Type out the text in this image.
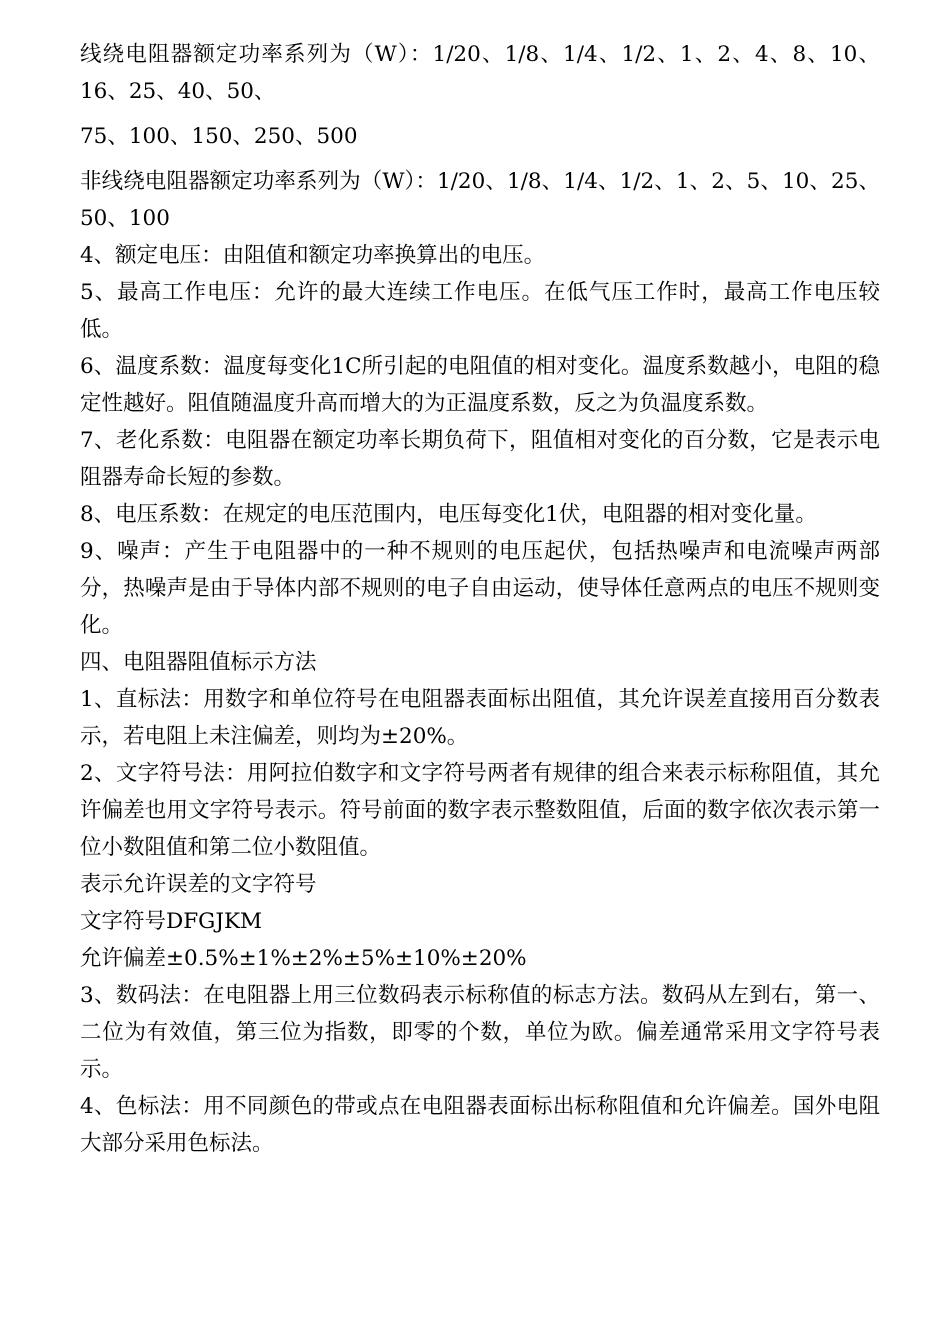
线绕电阻器额定功率系列为（W）：1/20、1/8、1/4、1/2、1、2、4、8、10、16、25、40、50、

75、100、150、250、500

非线绕电阻器额定功率系列为（W）：1/20、1/8、1/4、1/2、1、2、5、10、25、50、100

4、额定电压：由阻值和额定功率换算出的电压。

5、最高工作电压：允许的最大连续工作电压。在低气压工作时，最高工作电压较低。

6、温度系数：温度每变化1C所引起的电阻值的相对变化。温度系数越小，电阻的稳定性越好。阻值随温度升高而增大的为正温度系数，反之为负温度系数。

7、老化系数：电阻器在额定功率长期负荷下，阻值相对变化的百分数，它是表示电阻器寿命长短的参数。

8、电压系数：在规定的电压范围内，电压每变化1伏，电阻器的相对变化量。

9、噪声：产生于电阻器中的一种不规则的电压起伏，包括热噪声和电流噪声两部分，热噪声是由于导体内部不规则的电子自由运动，使导体任意两点的电压不规则变化。

四、电阻器阻值标示方法

1、直标法：用数字和单位符号在电阻器表面标出阻值，其允许误差直接用百分数表示，若电阻上未注偏差，则均为±20%。

2、文字符号法：用阿拉伯数字和文字符号两者有规律的组合来表示标称阻值，其允许偏差也用文字符号表示。符号前面的数字表示整数阻值，后面的数字依次表示第一位小数阻值和第二位小数阻值。

表示允许误差的文字符号

文字符号DFGJKM

允许偏差±0.5%±1%±2%±5%±10%±20%

3、数码法：在电阻器上用三位数码表示标称值的标志方法。数码从左到右，第一、二位为有效值，第三位为指数，即零的个数，单位为欧。偏差通常采用文字符号表示。

4、色标法：用不同颜色的带或点在电阻器表面标出标称阻值和允许偏差。国外电阻大部分采用色标法。
